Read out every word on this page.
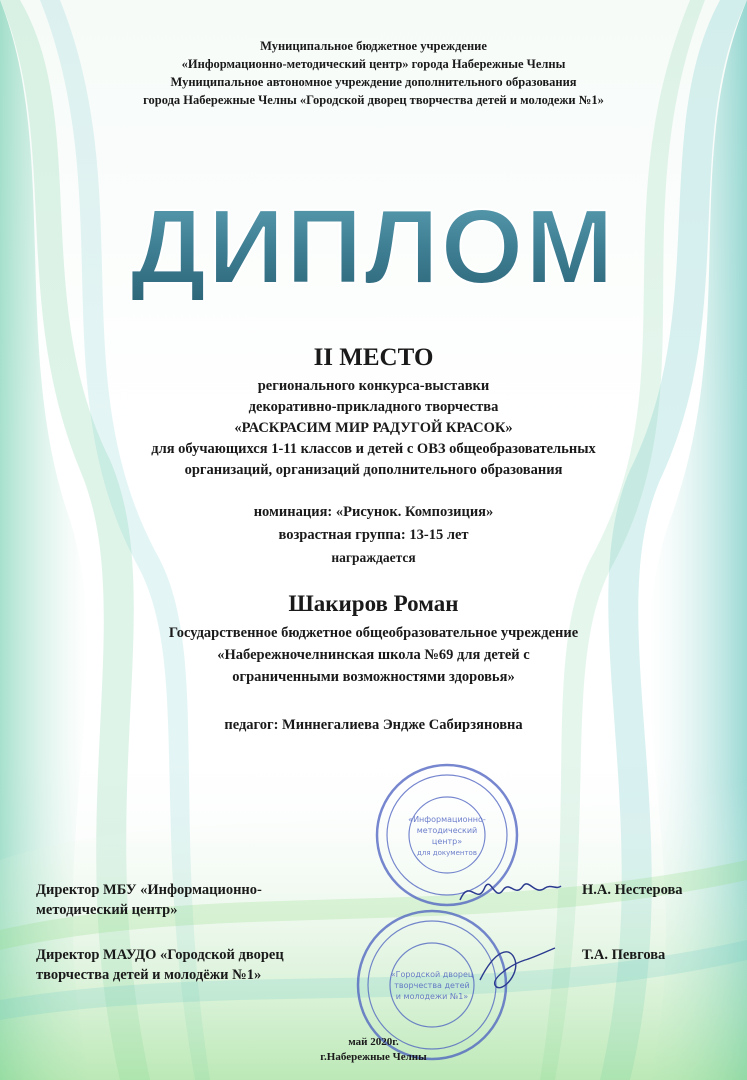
Муниципальное бюджетное учреждение
«Информационно-методический центр» города Набережные Челны
Муниципальное автономное учреждение дополнительного образования
города Набережные Челны «Городской дворец творчества детей и молодежи №1»
ДИПЛОМ
II МЕСТО
регионального конкурса-выставки
декоративно-прикладного творчества
«РАСКРАСИМ МИР РАДУГОЙ КРАСОК»
для обучающихся 1-11 классов и детей с ОВЗ общеобразовательных
организаций, организаций дополнительного образования
номинация: «Рисунок. Композиция»
возрастная группа: 13-15 лет
награждается
Шакиров Роман
Государственное бюджетное общеобразовательное учреждение
«Набережночелнинская школа №69 для детей с
ограниченными возможностями здоровья»
педагог: Миннегалиева Эндже Сабирзяновна
«Информационно-
методический
центр»
для документов
«Городской дворец
творчества детей
и молодежи №1»
Директор МБУ «Информационно-
методический центр»
Н.А. Нестерова
Директор МАУДО «Городской дворец
творчества детей и молодёжи №1»
Т.А. Певгова
май 2020г.
г.Набережные Челны
